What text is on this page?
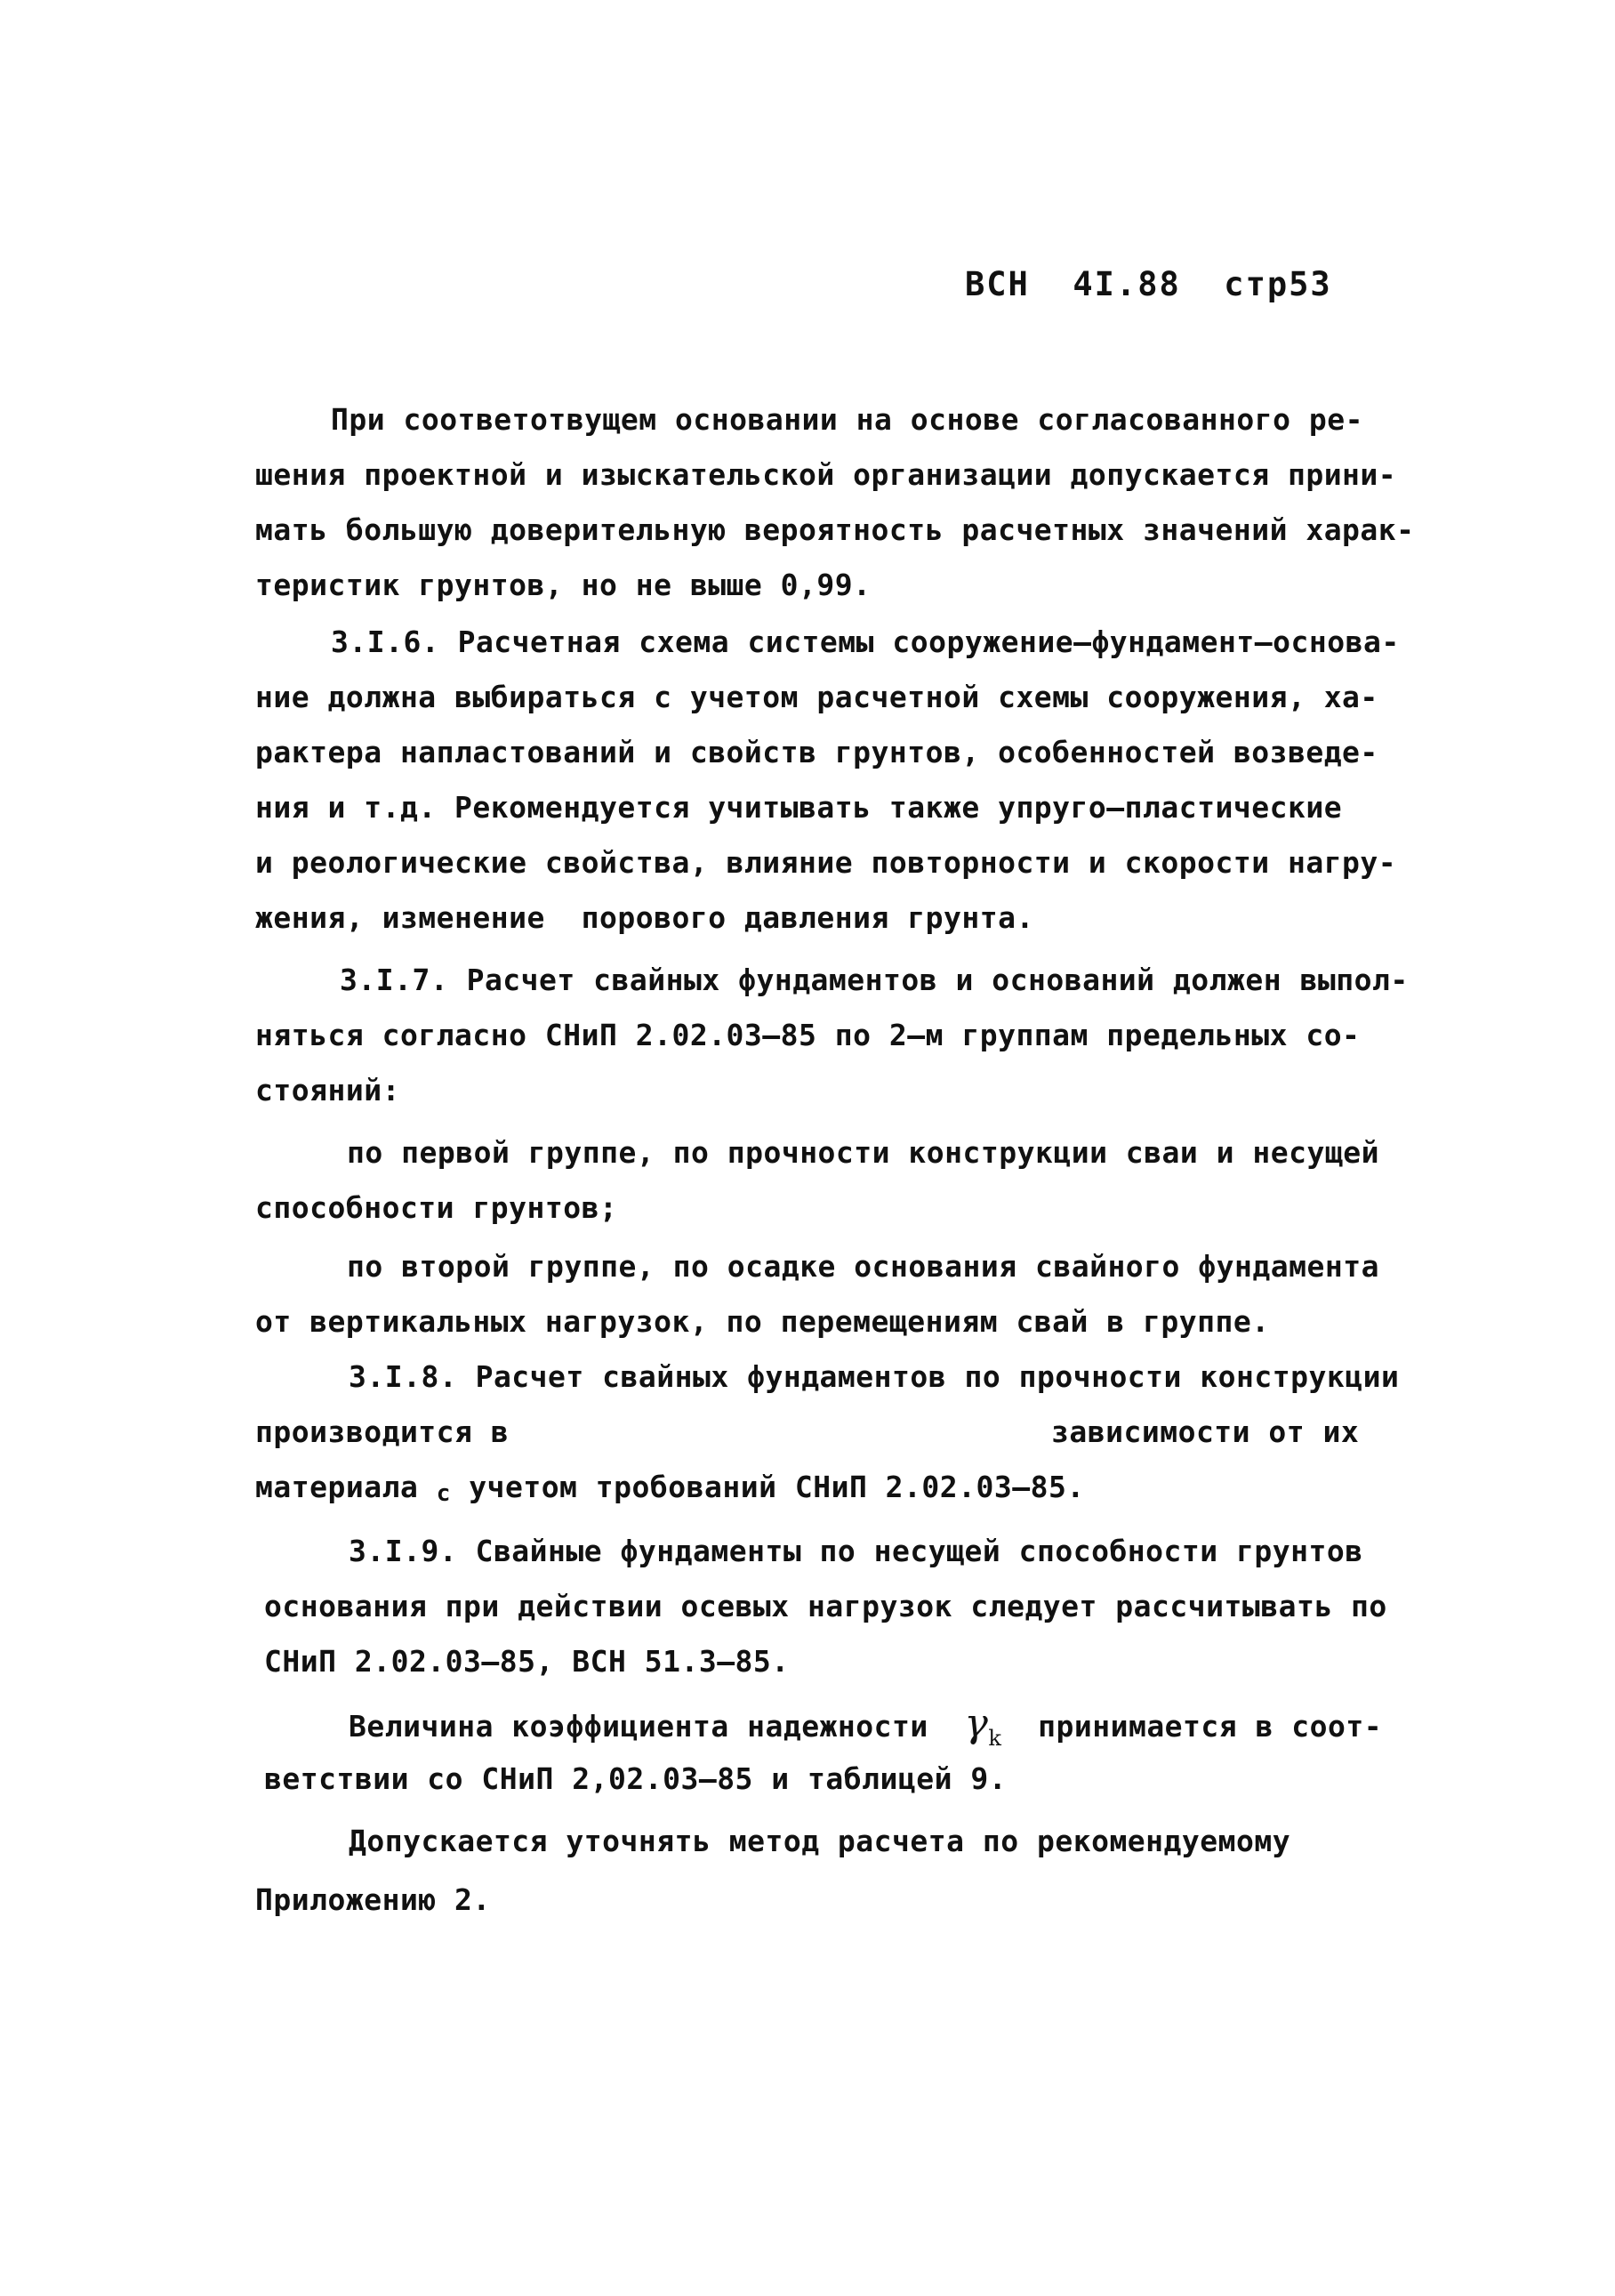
ВСН  4I.88  стр53
При соответотвущем основании на основе согласованного ре-
шения проектной и изыскательской организации допускается прини-
мать большую доверительную вероятность расчетных значений харак-
теристик грунтов, но не выше 0,99.
3.I.6. Расчетная схема системы сооружение–фундамент–основа-
ние должна выбираться с учетом расчетной схемы сооружения, ха-
рактера напластований и свойств грунтов, особенностей возведе-
ния и т.д. Рекомендуется учитывать также упруго–пластические
и реологические свойства, влияние повторности и скорости нагру-
жения, изменение  порового давления грунта.
3.I.7. Расчет свайных фундаментов и оснований должен выпол-
няться согласно СНиП 2.02.03–85 по 2–м группам предельных со-
стояний:
по первой группе, по прочности конструкции сваи и несущей
способности грунтов;
по второй группе, по осадке основания свайного фундамента
от вертикальных нагрузок, по перемещениям свай в группе.
3.I.8. Расчет свайных фундаментов по прочности конструкции
производится в	зависимости от их
материала с учетом тробований СНиП 2.02.03–85.
3.I.9. Свайные фундаменты по несущей способности грунтов
основания при действии осевых нагрузок следует рассчитывать по
СНиП 2.02.03–85, ВСН 51.3–85.
Величина коэффициента надежности $\gamma_k$ принимается в соот-
ветствии со СНиП 2,02.03–85 и таблицей 9.
Допускается уточнять метод расчета по рекомендуемому
Приложению 2.
